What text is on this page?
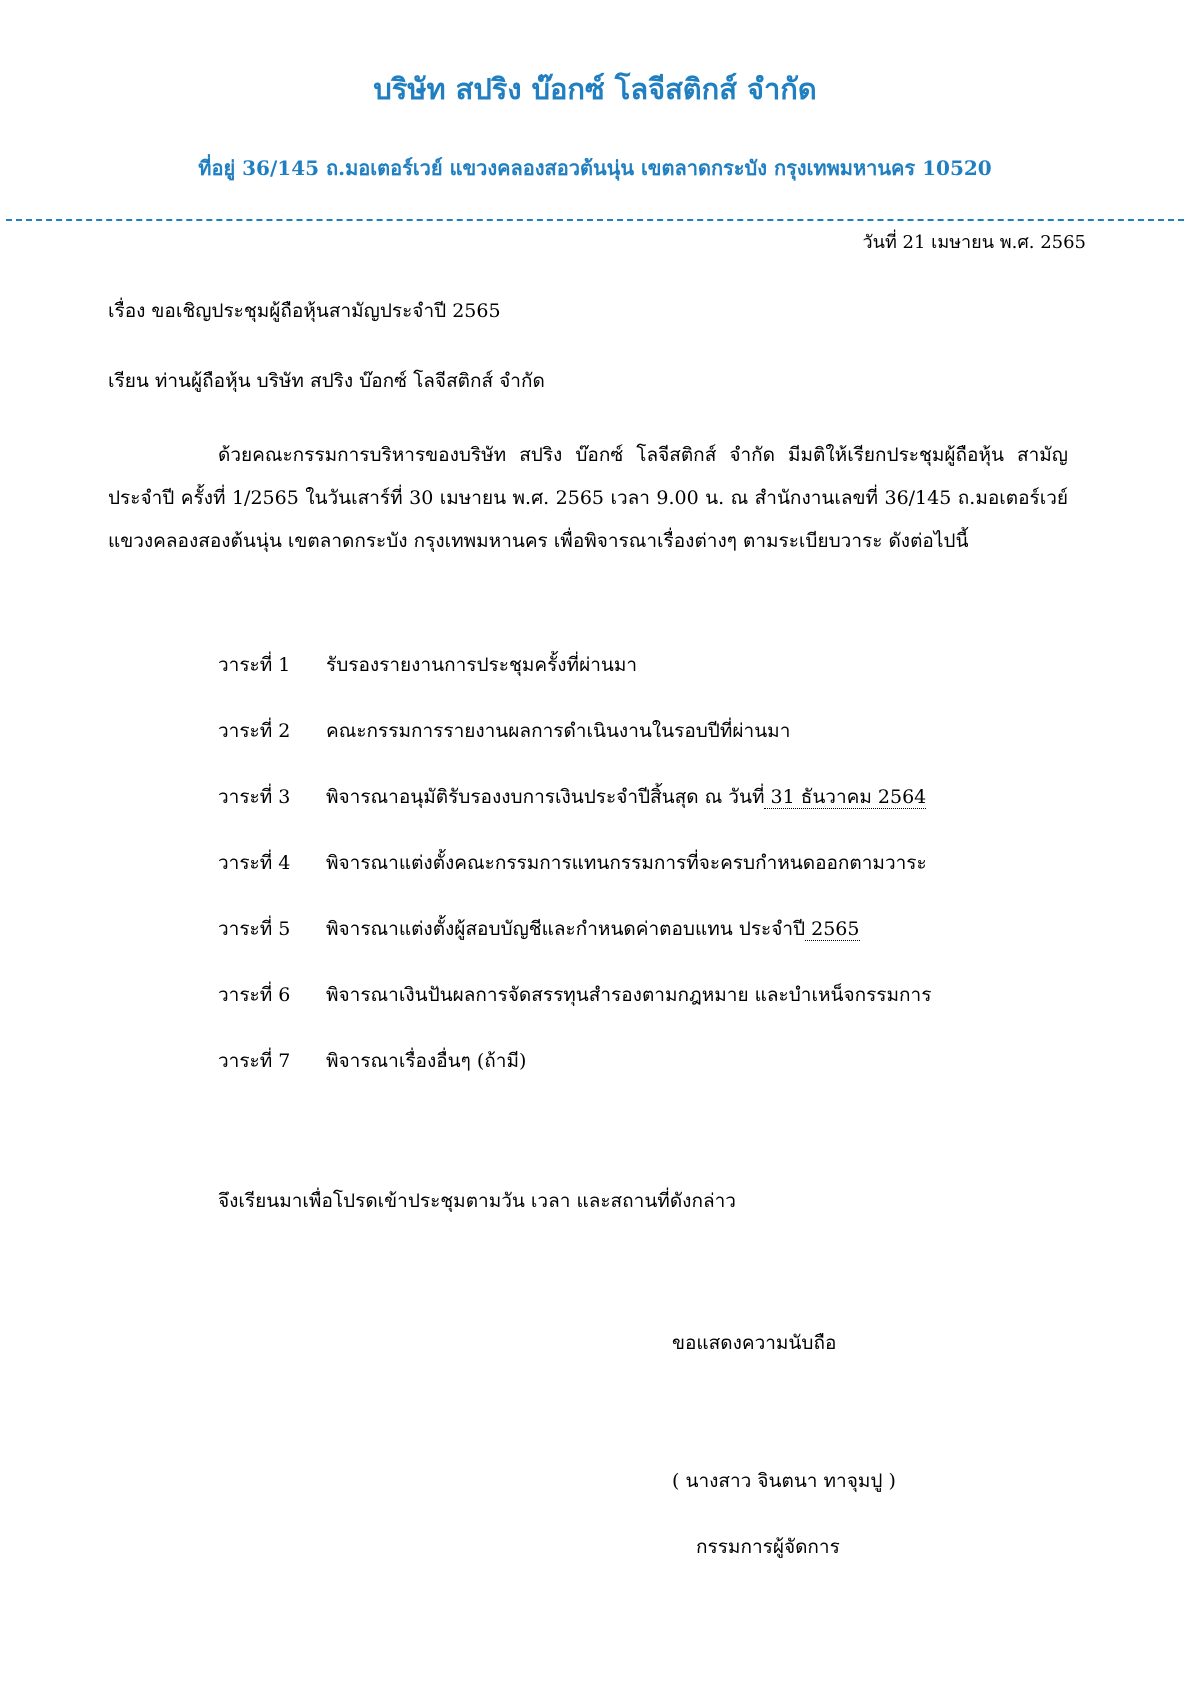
บริษัท สปริง บ๊อกซ์ โลจีสติกส์ จำกัด
ที่อยู่ 36/145 ถ.มอเตอร์เวย์ แขวงคลองสอวต้นนุ่น เขตลาดกระบัง กรุงเทพมหานคร 10520
วันที่ 21 เมษายน พ.ศ. 2565
เรื่อง ขอเชิญประชุมผู้ถือหุ้นสามัญประจำปี 2565
เรียน ท่านผู้ถือหุ้น บริษัท สปริง บ๊อกซ์ โลจีสติกส์ จำกัด
ด้วยคณะกรรมการบริหารของบริษัท สปริง บ๊อกซ์ โลจีสติกส์ จำกัด มีมติให้เรียกประชุมผู้ถือหุ้น สามัญประจำปี ครั้งที่ 1/2565 ในวันเสาร์ที่ 30 เมษายน พ.ศ. 2565 เวลา 9.00 น. ณ สำนักงานเลขที่ 36/145 ถ.มอเตอร์เวย์ แขวงคลองสองต้นนุ่น เขตลาดกระบัง กรุงเทพมหานคร เพื่อพิจารณาเรื่องต่างๆ ตามระเบียบวาระ ดังต่อไปนี้
วาระที่ 1 รับรองรายงานการประชุมครั้งที่ผ่านมา
วาระที่ 2 คณะกรรมการรายงานผลการดำเนินงานในรอบปีที่ผ่านมา
วาระที่ 3 พิจารณาอนุมัติรับรองงบการเงินประจำปีสิ้นสุด ณ วันที่ 31 ธันวาคม 2564
วาระที่ 4 พิจารณาแต่งตั้งคณะกรรมการแทนกรรมการที่จะครบกำหนดออกตามวาระ
วาระที่ 5 พิจารณาแต่งตั้งผู้สอบบัญชีและกำหนดค่าตอบแทน ประจำปี 2565
วาระที่ 6 พิจารณาเงินปันผลการจัดสรรทุนสำรองตามกฎหมาย และบำเหน็จกรรมการ
วาระที่ 7 พิจารณาเรื่องอื่นๆ (ถ้ามี)
จึงเรียนมาเพื่อโปรดเข้าประชุมตามวัน เวลา และสถานที่ดังกล่าว
ขอแสดงความนับถือ
( นางสาว จินตนา ทาจุมปู )
กรรมการผู้จัดการ
